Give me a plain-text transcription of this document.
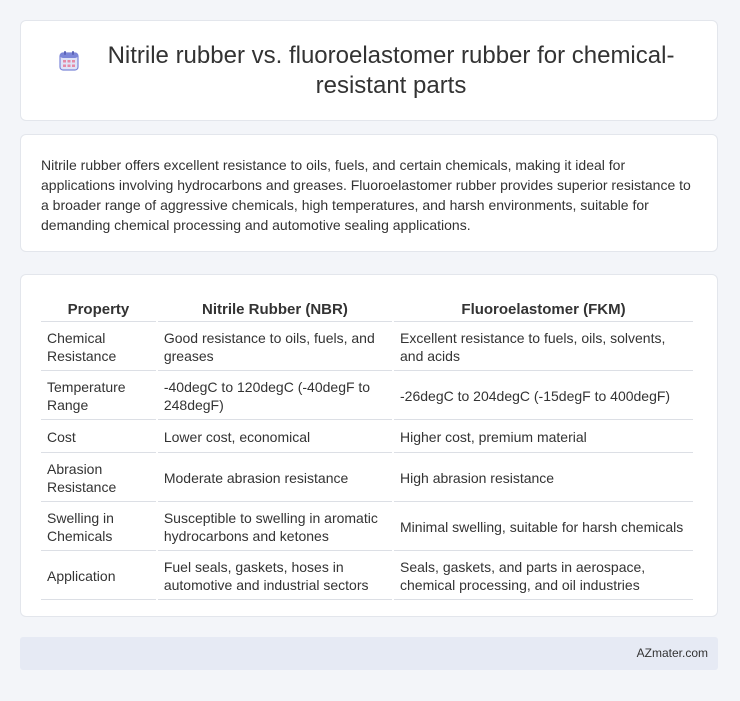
Nitrile rubber vs. fluoroelastomer rubber for chemical-resistant parts

Nitrile rubber offers excellent resistance to oils, fuels, and certain chemicals, making it ideal for applications involving hydrocarbons and greases. Fluoroelastomer rubber provides superior resistance to a broader range of aggressive chemicals, high temperatures, and harsh environments, suitable for demanding chemical processing and automotive sealing applications.

Property	Nitrile Rubber (NBR)	Fluoroelastomer (FKM)
Chemical Resistance	Good resistance to oils, fuels, and greases	Excellent resistance to fuels, oils, solvents, and acids
Temperature Range	-40degC to 120degC (-40degF to 248degF)	-26degC to 204degC (-15degF to 400degF)
Cost	Lower cost, economical	Higher cost, premium material
Abrasion Resistance	Moderate abrasion resistance	High abrasion resistance
Swelling in Chemicals	Susceptible to swelling in aromatic hydrocarbons and ketones	Minimal swelling, suitable for harsh chemicals
Application	Fuel seals, gaskets, hoses in automotive and industrial sectors	Seals, gaskets, and parts in aerospace, chemical processing, and oil industries
AZmater.com
